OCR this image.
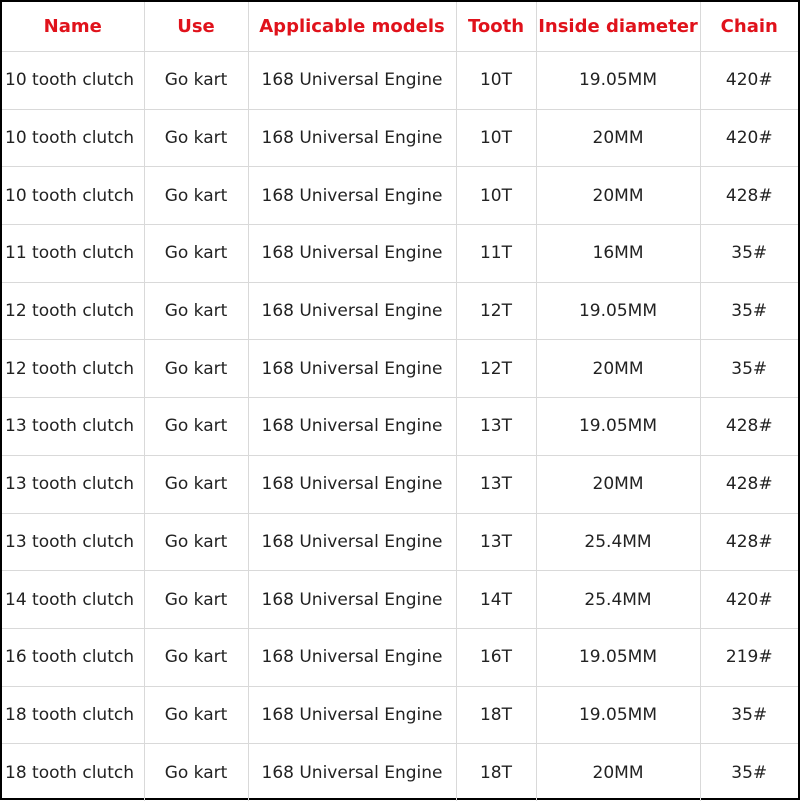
Name	Use	Applicable models	Tooth	Inside diameter	Chain
10 tooth clutch	Go kart	168 Universal Engine	10T	19.05MM	420#
10 tooth clutch	Go kart	168 Universal Engine	10T	20MM	420#
10 tooth clutch	Go kart	168 Universal Engine	10T	20MM	428#
11 tooth clutch	Go kart	168 Universal Engine	11T	16MM	35#
12 tooth clutch	Go kart	168 Universal Engine	12T	19.05MM	35#
12 tooth clutch	Go kart	168 Universal Engine	12T	20MM	35#
13 tooth clutch	Go kart	168 Universal Engine	13T	19.05MM	428#
13 tooth clutch	Go kart	168 Universal Engine	13T	20MM	428#
13 tooth clutch	Go kart	168 Universal Engine	13T	25.4MM	428#
14 tooth clutch	Go kart	168 Universal Engine	14T	25.4MM	420#
16 tooth clutch	Go kart	168 Universal Engine	16T	19.05MM	219#
18 tooth clutch	Go kart	168 Universal Engine	18T	19.05MM	35#
18 tooth clutch	Go kart	168 Universal Engine	18T	20MM	35#
